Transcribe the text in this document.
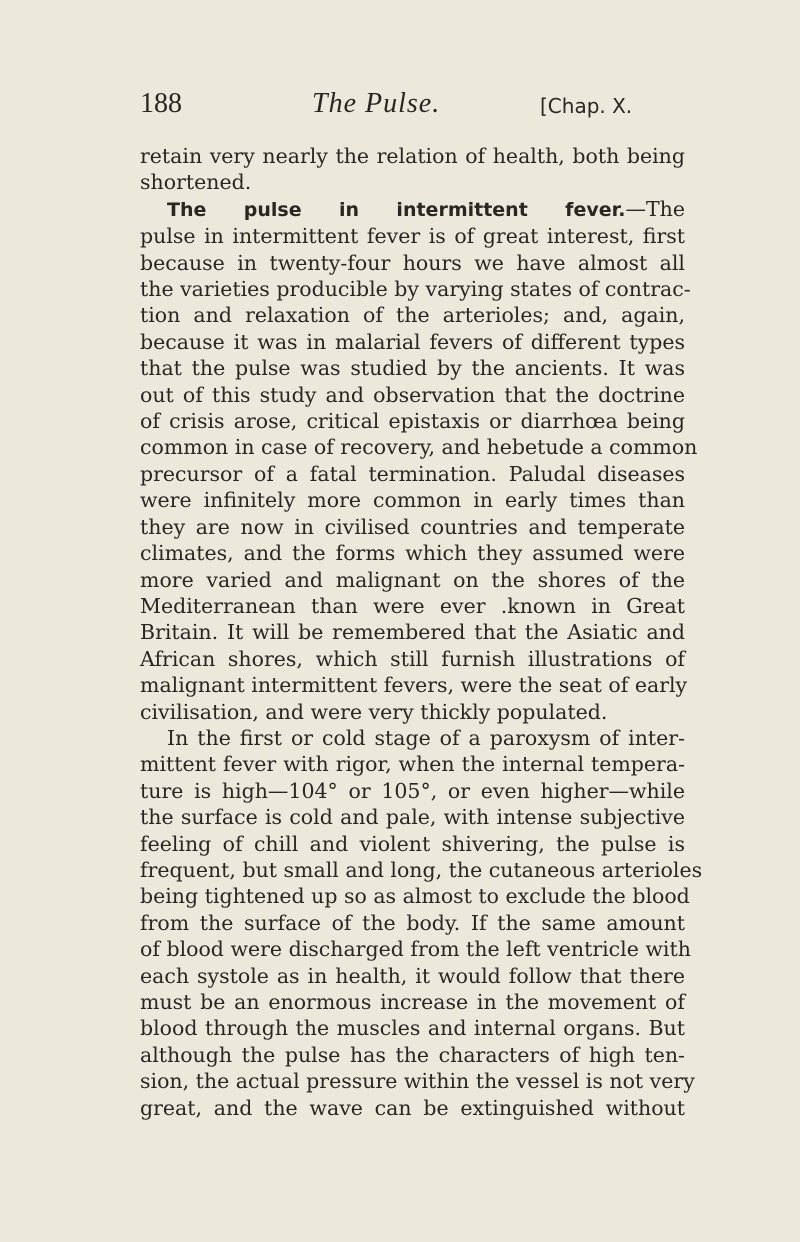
188	The Pulse.	[Chap. X.
retain very nearly the relation of health, both being
shortened.
The pulse in intermittent fever.—The
pulse in intermittent fever is of great interest, first
because in twenty-four hours we have almost all
the varieties producible by varying states of contrac-
tion and relaxation of the arterioles; and, again,
because it was in malarial fevers of different types
that the pulse was studied by the ancients. It was
out of this study and observation that the doctrine
of crisis arose, critical epistaxis or diarrhœa being
common in case of recovery, and hebetude a common
precursor of a fatal termination. Paludal diseases
were infinitely more common in early times than
they are now in civilised countries and temperate
climates, and the forms which they assumed were
more varied and malignant on the shores of the
Mediterranean than were ever .known in Great
Britain. It will be remembered that the Asiatic and
African shores, which still furnish illustrations of
malignant intermittent fevers, were the seat of early
civilisation, and were very thickly populated.
In the first or cold stage of a paroxysm of inter-
mittent fever with rigor, when the internal tempera-
ture is high—104° or 105°, or even higher—while
the surface is cold and pale, with intense subjective
feeling of chill and violent shivering, the pulse is
frequent, but small and long, the cutaneous arterioles
being tightened up so as almost to exclude the blood
from the surface of the body. If the same amount
of blood were discharged from the left ventricle with
each systole as in health, it would follow that there
must be an enormous increase in the movement of
blood through the muscles and internal organs. But
although the pulse has the characters of high ten-
sion, the actual pressure within the vessel is not very
great, and the wave can be extinguished without
